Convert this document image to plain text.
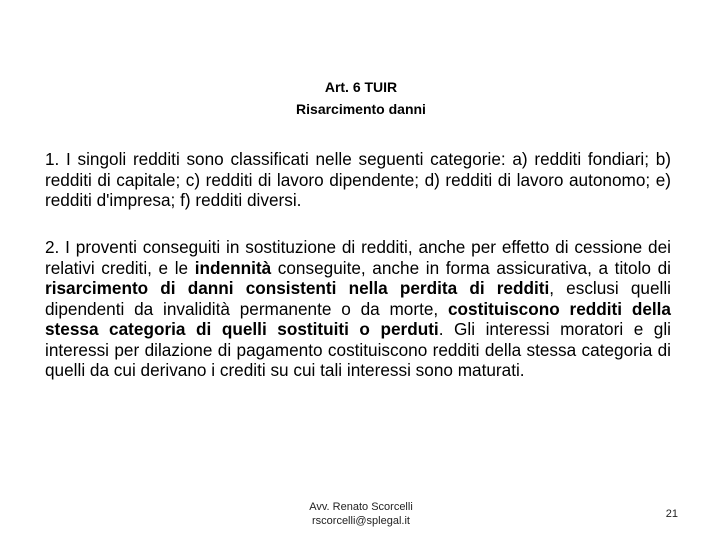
Art. 6 TUIR
Risarcimento danni
1. I singoli redditi sono classificati nelle seguenti categorie: a) redditi fondiari; b) redditi di capitale; c) redditi di lavoro dipendente; d) redditi di lavoro autonomo; e) redditi d'impresa; f) redditi diversi.
2. I proventi conseguiti in sostituzione di redditi, anche per effetto di cessione dei relativi crediti, e le indennità conseguite, anche in forma assicurativa, a titolo di risarcimento di danni consistenti nella perdita di redditi, esclusi quelli dipendenti da invalidità permanente o da morte, costituiscono redditi della stessa categoria di quelli sostituiti o perduti. Gli interessi moratori e gli interessi per dilazione di pagamento costituiscono redditi della stessa categoria di quelli da cui derivano i crediti su cui tali interessi sono maturati.
Avv. Renato Scorcelli
rscorcelli@splegal.it
21
